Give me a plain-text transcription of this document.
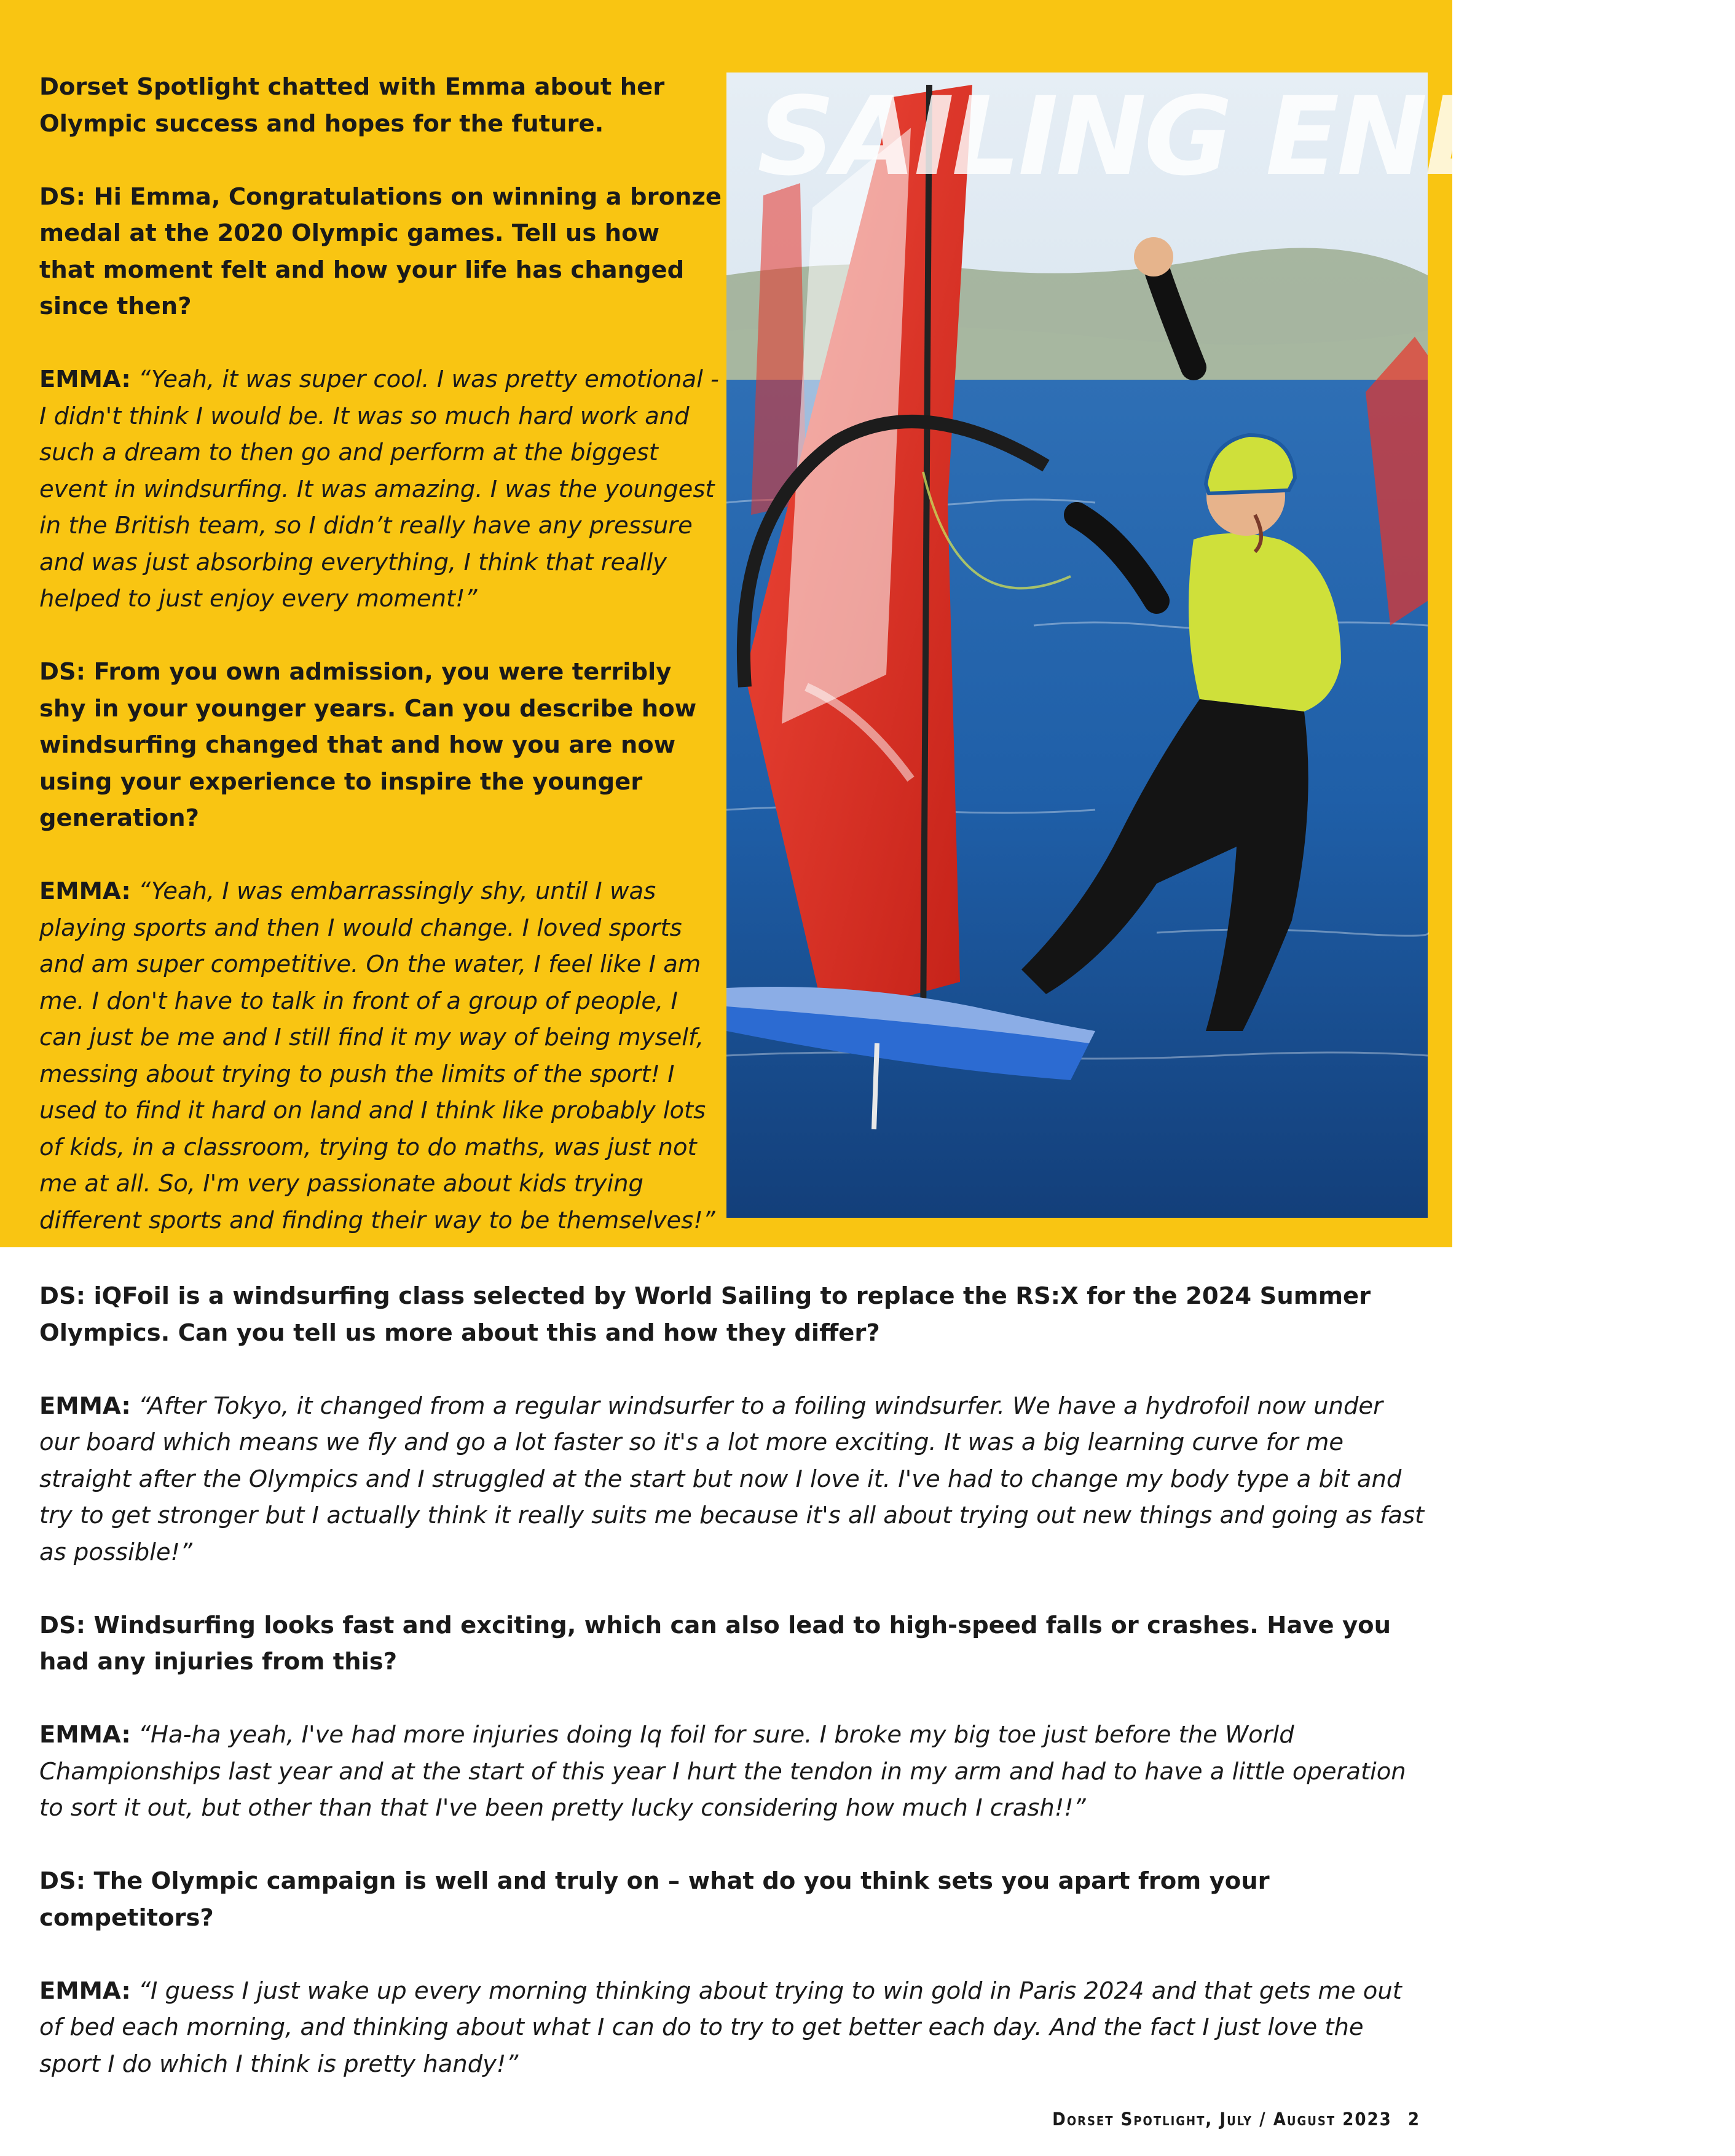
Dorset Spotlight chatted with Emma about her Olympic success and hopes for the future.

DS: Hi Emma, Congratulations on winning a bronze medal at the 2020 Olympic games. Tell us how that moment felt and how your life has changed since then?

EMMA: “Yeah, it was super cool. I was pretty emotional - I didn't think I would be. It was so much hard work and such a dream to then go and perform at the biggest event in windsurfing. It was amazing. I was the youngest in the British team, so I didn’t really have any pressure and was just absorbing everything, I think that really helped to just enjoy every moment!”

DS: From you own admission, you were terribly shy in your younger years. Can you describe how windsurfing changed that and how you are now using your experience to inspire the younger generation?

EMMA: “Yeah, I was embarrassingly shy, until I was playing sports and then I would change. I loved sports and am super competitive. On the water, I feel like I am me. I don't have to talk in front of a group of people, I can just be me and I still find it my way of being myself, messing about trying to push the limits of the sport! I used to find it hard on land and I think like probably lots of kids, in a classroom, trying to do maths, was just not me at all. So, I'm very passionate about kids trying different sports and finding their way to be themselves!”

SAILING ENERGY

DS: iQFoil is a windsurfing class selected by World Sailing to replace the RS:X for the 2024 Summer Olympics. Can you tell us more about this and how they differ?

EMMA: “After Tokyo, it changed from a regular windsurfer to a foiling windsurfer. We have a hydrofoil now under our board which means we fly and go a lot faster so it's a lot more exciting. It was a big learning curve for me straight after the Olympics and I struggled at the start but now I love it. I've had to change my body type a bit and try to get stronger but I actually think it really suits me because it's all about trying out new things and going as fast as possible!”

DS: Windsurfing looks fast and exciting, which can also lead to high-speed falls or crashes. Have you had any injuries from this?

EMMA: “Ha-ha yeah, I've had more injuries doing Iq foil for sure. I broke my big toe just before the World Championships last year and at the start of this year I hurt the tendon in my arm and had to have a little operation to sort it out, but other than that I've been pretty lucky considering how much I crash!!”

DS: The Olympic campaign is well and truly on – what do you think sets you apart from your competitors?

EMMA: “I guess I just wake up every morning thinking about trying to win gold in Paris 2024 and that gets me out of bed each morning, and thinking about what I can do to try to get better each day. And the fact I just love the sport I do which I think is pretty handy!”

Dorset Spotlight, July / August 2023 2
